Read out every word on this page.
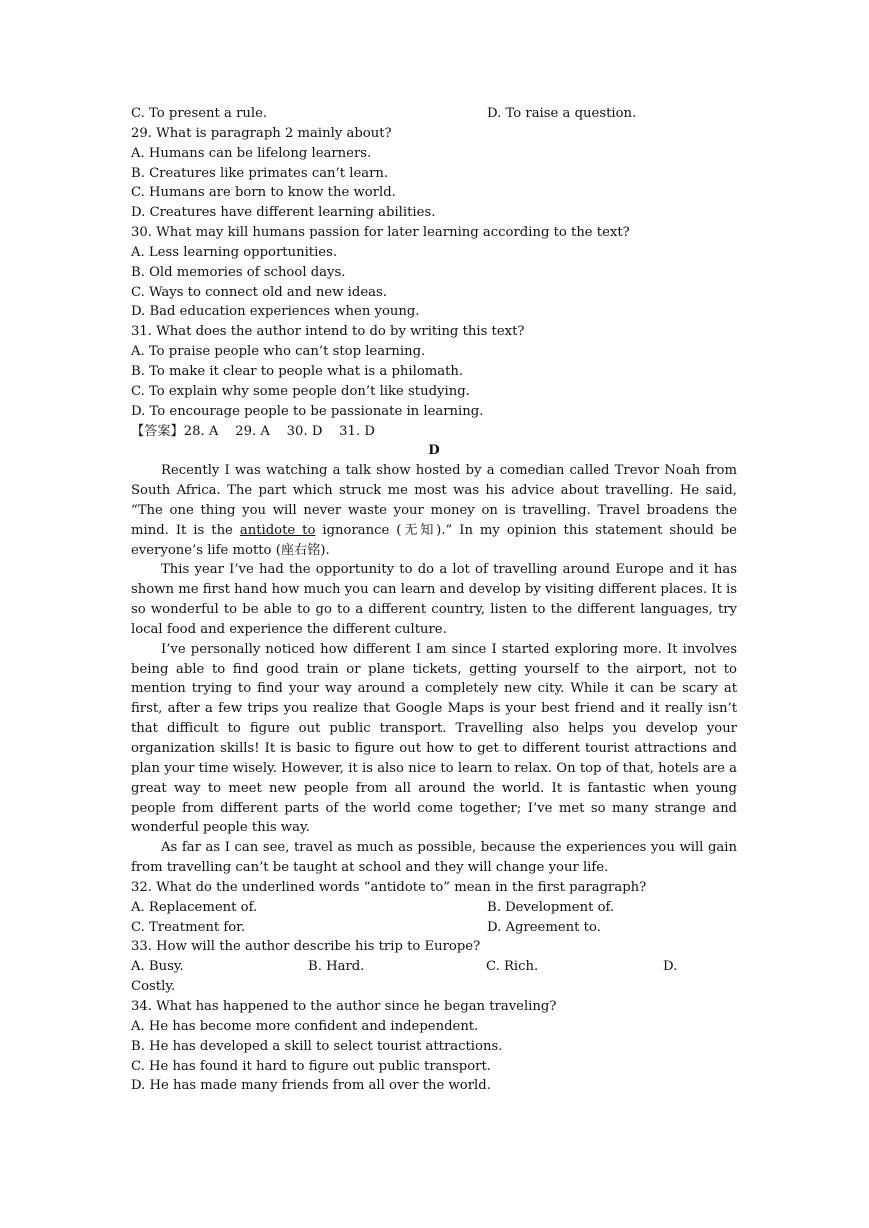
C. To present a rule.	D. To raise a question.
29. What is paragraph 2 mainly about?
A. Humans can be lifelong learners.
B. Creatures like primates can’t learn.
C. Humans are born to know the world.
D. Creatures have different learning abilities.
30. What may kill humans passion for later learning according to the text?
A. Less learning opportunities.
B. Old memories of school days.
C. Ways to connect old and new ideas.
D. Bad education experiences when young.
31. What does the author intend to do by writing this text?
A. To praise people who can’t stop learning.
B. To make it clear to people what is a philomath.
C. To explain why some people don’t like studying.
D. To encourage people to be passionate in learning.
【答案】28. A    29. A    30. D    31. D
D
Recently I was watching a talk show hosted by a comedian called Trevor Noah from South Africa. The part which struck me most was his advice about travelling. He said, “The one thing you will never waste your money on is travelling. Travel broadens the mind. It is the antidote to ignorance (无知).” In my opinion this statement should be everyone’s life motto (座右铭).
This year I’ve had the opportunity to do a lot of travelling around Europe and it has shown me first hand how much you can learn and develop by visiting different places. It is so wonderful to be able to go to a different country, listen to the different languages, try local food and experience the different culture.
I’ve personally noticed how different I am since I started exploring more. It involves being able to find good train or plane tickets, getting yourself to the airport, not to mention trying to find your way around a completely new city. While it can be scary at first, after a few trips you realize that Google Maps is your best friend and it really isn’t that difficult to figure out public transport. Travelling also helps you develop your organization skills! It is basic to figure out how to get to different tourist attractions and plan your time wisely. However, it is also nice to learn to relax. On top of that, hotels are a great way to meet new people from all around the world. It is fantastic when young people from different parts of the world come together; I’ve met so many strange and wonderful people this way.
As far as I can see, travel as much as possible, because the experiences you will gain from travelling can’t be taught at school and they will change your life.
32. What do the underlined words “antidote to” mean in the first paragraph?
A. Replacement of.	B. Development of.
C. Treatment for.	D. Agreement to.
33. How will the author describe his trip to Europe?
A. Busy.	B. Hard.	C. Rich.	D.
Costly.
34. What has happened to the author since he began traveling?
A. He has become more confident and independent.
B. He has developed a skill to select tourist attractions.
C. He has found it hard to figure out public transport.
D. He has made many friends from all over the world.
